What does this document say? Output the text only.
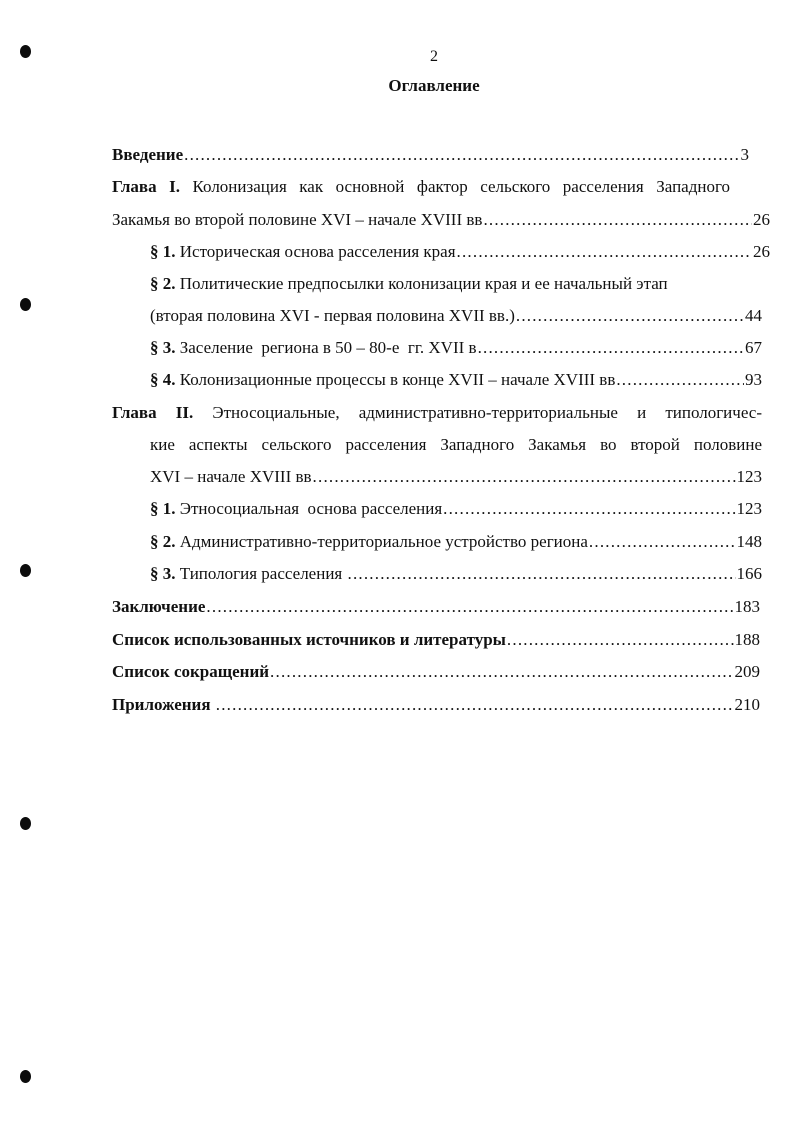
2
Оглавление
Введение .....	3
Глава I. Колонизация как основной фактор сельского расселения Западного
Закамья во второй половине XVI – начале XVIII вв .....	26
§ 1. Историческая основа расселения края .....	26
§ 2. Политические предпосылки колонизации края и ее начальный этап
(вторая половина XVI - первая половина XVII вв.) .....	44
§ 3. Заселение  региона в 50 – 80-е  гг. XVII в .....	67
§ 4. Колонизационные процессы в конце XVII – начале XVIII вв .....	93
Глава II. Этносоциальные, административно-территориальные и типологичес-
кие аспекты сельского расселения Западного Закамья во второй половине
XVI – начале XVIII вв .....	123
§ 1. Этносоциальная  основа расселения .....	123
§ 2. Административно-территориальное устройство региона .....	148
§ 3. Типология расселения .....	166
Заключение .....	183
Список использованных источников и литературы .....	188
Список сокращений .....	209
Приложения .....	210
